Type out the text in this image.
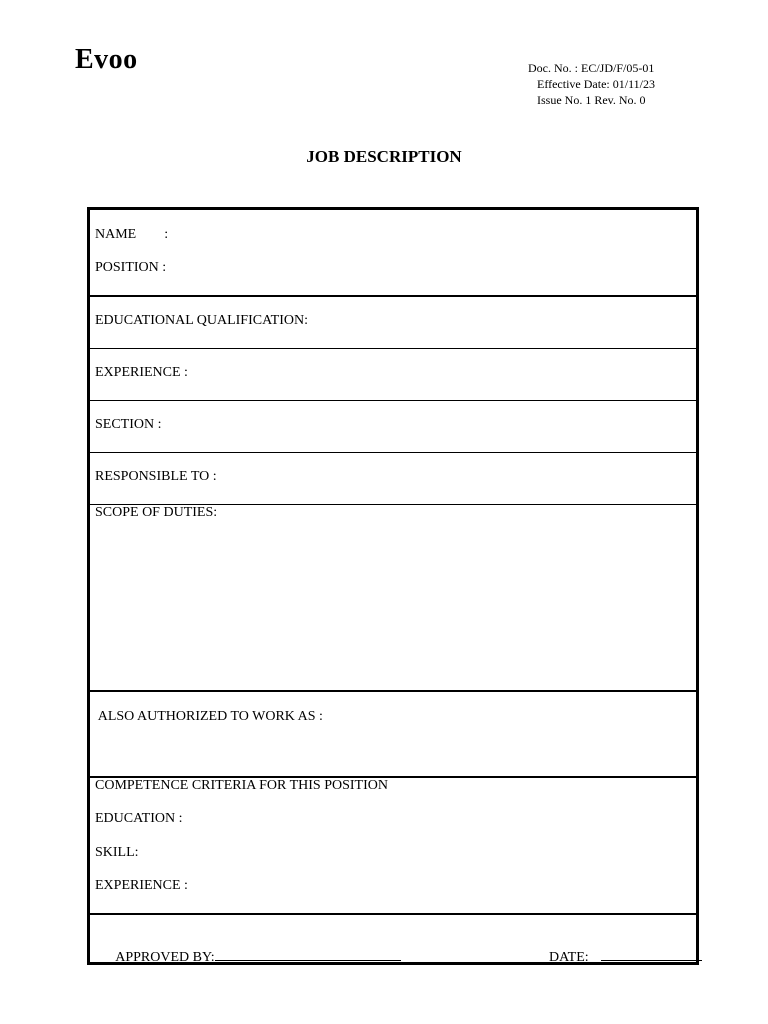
Evoo	Doc. No. : EC/JD/F/05-01
Effective Date: 01/11/23
Issue No. 1 Rev. No. 0
JOB DESCRIPTION
NAME        :
POSITION :
EDUCATIONAL QUALIFICATION:
EXPERIENCE :
SECTION :
RESPONSIBLE TO :
SCOPE OF DUTIES:
ALSO AUTHORIZED TO WORK AS :
COMPETENCE CRITERIA FOR THIS POSITION
EDUCATION :
SKILL:
EXPERIENCE :

APPROVED BY:
	DATE:
